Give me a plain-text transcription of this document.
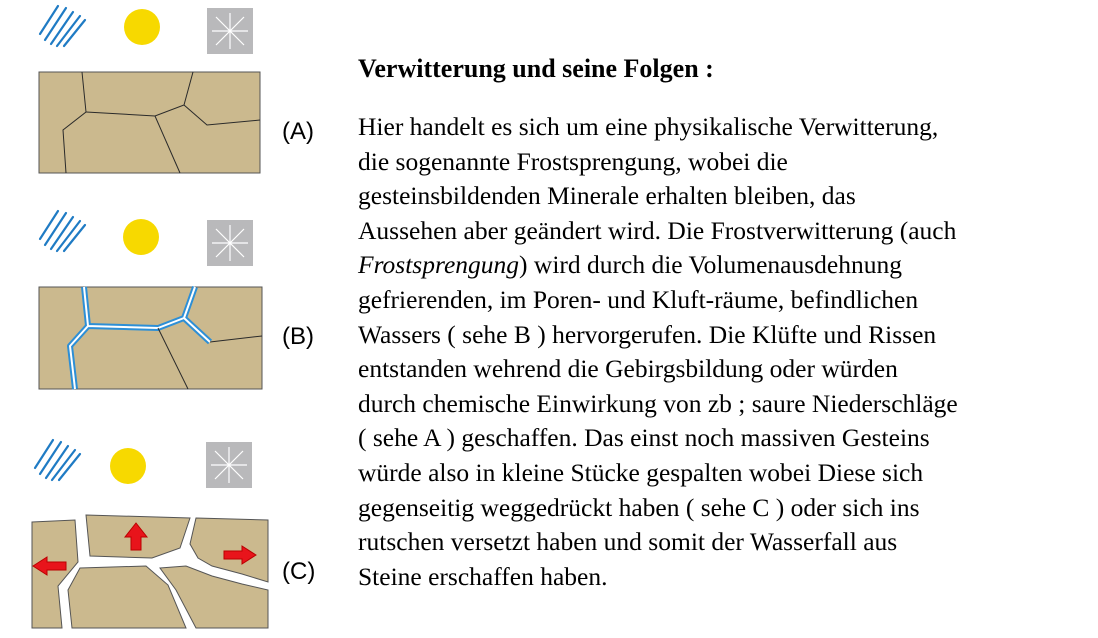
(A)
(B)
(C)
Verwitterung und seine Folgen :

Hier handelt es sich um eine physikalische Verwitterung,
die sogenannte Frostsprengung, wobei die
gesteinsbildenden Minerale erhalten bleiben, das
Aussehen aber geändert wird. Die Frostverwitterung (auch
Frostsprengung) wird durch die Volumenausdehnung
gefrierenden, im Poren- und Kluft-räume, befindlichen
Wassers ( sehe B ) hervorgerufen. Die Klüfte und Rissen
entstanden wehrend die Gebirgsbildung oder würden
durch chemische Einwirkung von zb ; saure Niederschläge
( sehe A ) geschaffen. Das einst noch massiven Gesteins
würde also in kleine Stücke gespalten wobei Diese sich
gegenseitig weggedrückt haben ( sehe C ) oder sich ins
rutschen versetzt haben und somit der Wasserfall aus
Steine erschaffen haben.
